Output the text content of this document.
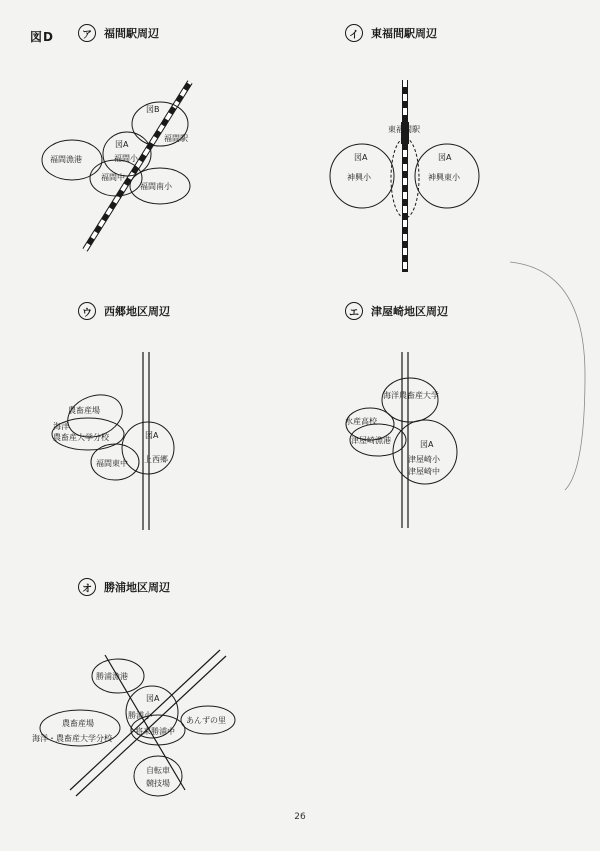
図D	ア	福間駅周辺	イ	東福間駅周辺
ウ	西郷地区周辺	エ	津屋崎地区周辺
オ	勝浦地区周辺
図B
福間駅
図A
福間小
福間漁港
福間中
福間南小
東福間駅
図A
神興小
図A
神興東小
農畜産場
海洋
農畜産大学分校	図A
福間東中 上西郷
海洋農畜産大学
水産高校
津屋崎漁港	図A
津屋崎小
津屋崎中
勝浦漁港
図A
勝浦小
将来勝浦中
農畜産場
海洋・農畜産大学分校
あんずの里
自転車
競技場
26
